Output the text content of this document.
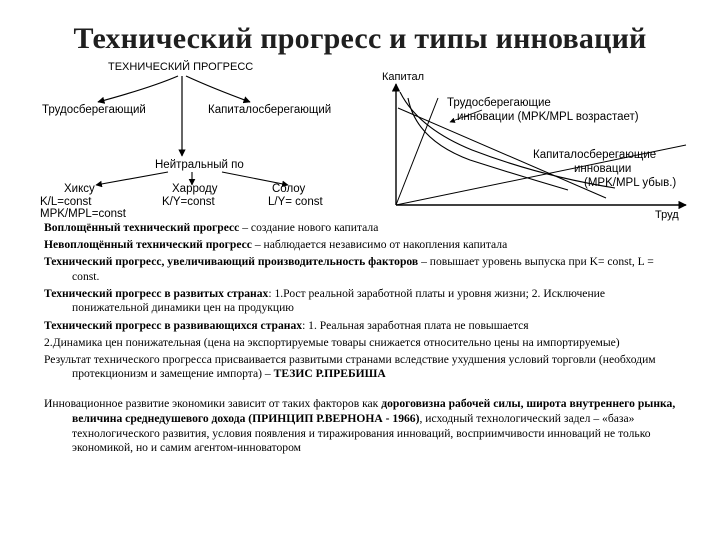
Технический прогресс и типы инноваций
ТЕХНИЧЕСКИЙ ПРОГРЕСС
Трудосберегающий	Капиталосберегающий
Нейтральный по
Хиксу	Харроду	Солоу
K/L=const
MPK/MPL=const
K/Y=const	L/Y= const
Капитал
Труд
Трудосберегающие
инновации (MPK/MPL возрастает)
Капиталосберегающие
инновации
(MPK/MPL убыв.)

Воплощённый технический прогресс – создание нового капитала

Невоплощённый технический прогресс – наблюдается независимо от накопления капитала

Технический прогресс, увеличивающий производительность факторов – повышает уровень выпуска при K= const, L = const.

Технический прогресс в развитых странах: 1.Рост реальной заработной платы и уровня жизни; 2. Исключение понижательной динамики цен на продукцию

Технический прогресс в развивающихся странах: 1. Реальная заработная плата не повышается

2.Динамика цен понижательная (цена на экспортируемые товары снижается относительно цены на импортируемые)

Результат технического прогресса присваивается развитыми странами вследствие ухудшения условий торговли (необходим протекционизм и замещение импорта) – ТЕЗИС Р.ПРЕБИША

Инновационное развитие экономики зависит от таких факторов как дороговизна рабочей силы, широта внутреннего рынка, величина среднедушевого дохода (ПРИНЦИП Р.ВЕРНОНА - 1966), исходный технологический задел – «база» технологического развития, условия появления и тиражирования инноваций, восприимчивости инноваций не только экономикой, но и самим агентом-инноватором
